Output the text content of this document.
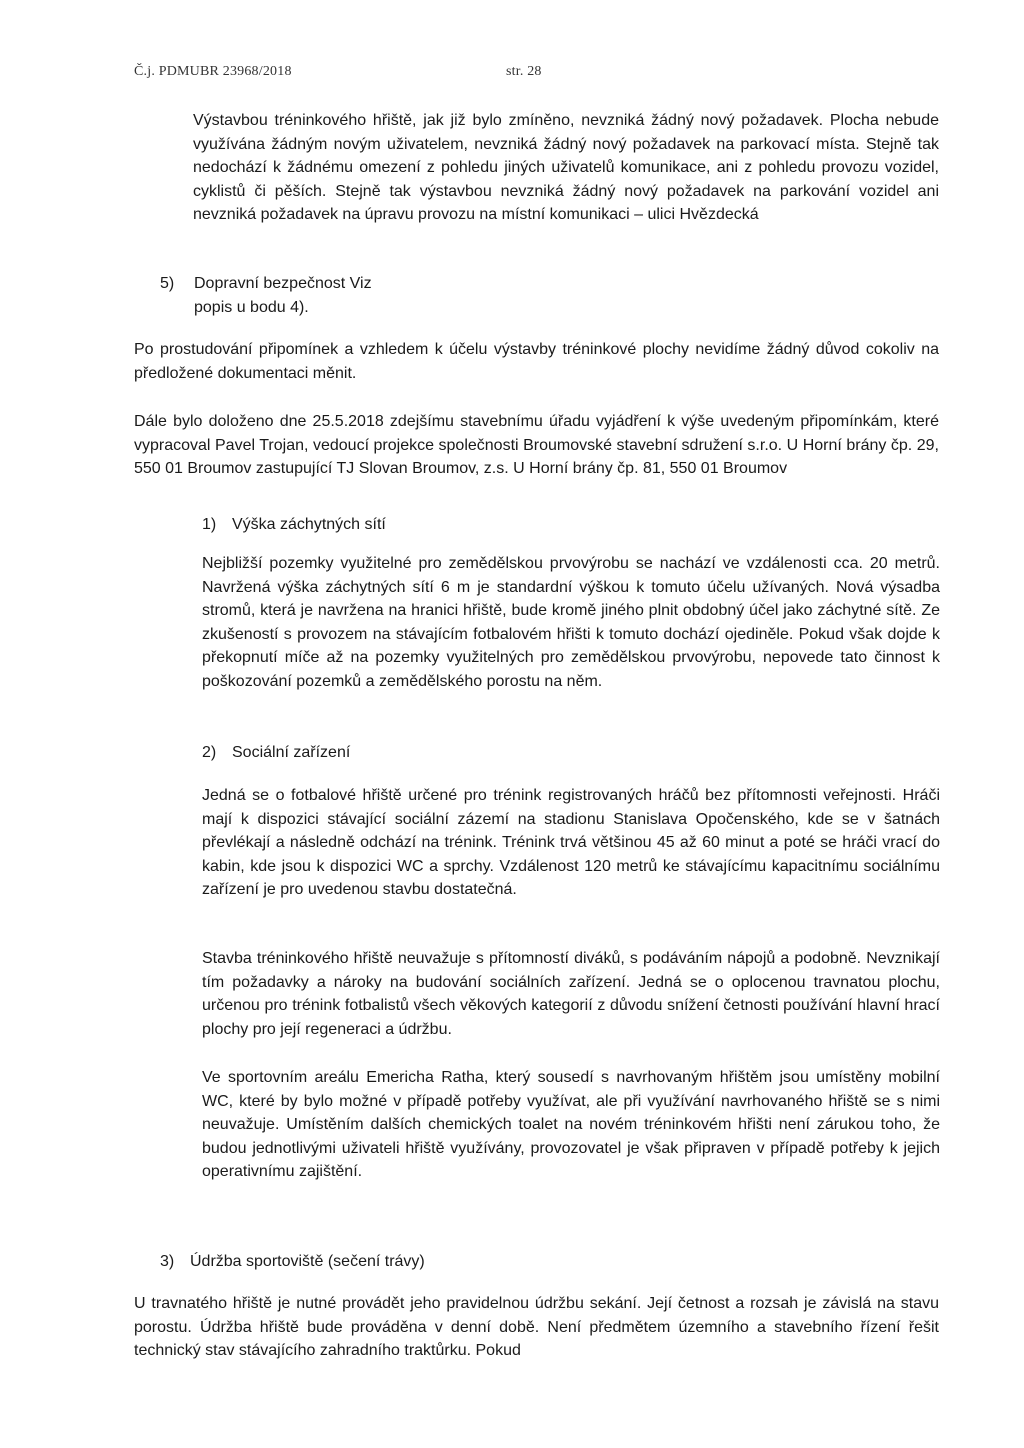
Č.j. PDMUBR 23968/2018	str. 28

Výstavbou tréninkového hřiště, jak již bylo zmíněno, nevzniká žádný nový požadavek. Plocha nebude využívána žádným novým uživatelem, nevzniká žádný nový požadavek na parkovací místa. Stejně tak nedochází k žádnému omezení z pohledu jiných uživatelů komunikace, ani z pohledu provozu vozidel, cyklistů či pěších. Stejně tak výstavbou nevzniká žádný nový požadavek na parkování vozidel ani nevzniká požadavek na úpravu provozu na místní komunikaci – ulici Hvězdecká

5) Dopravní bezpečnost Viz
popis u bodu 4).

Po prostudování připomínek a vzhledem k účelu výstavby tréninkové plochy nevidíme žádný důvod cokoliv na předložené dokumentaci měnit.

Dále bylo doloženo dne 25.5.2018 zdejšímu stavebnímu úřadu vyjádření k výše uvedeným připomínkám, které vypracoval Pavel Trojan, vedoucí projekce společnosti Broumovské stavební sdružení s.r.o. U Horní brány čp. 29, 550 01 Broumov zastupující TJ Slovan Broumov, z.s. U Horní brány čp. 81, 550 01 Broumov

1) Výška záchytných sítí

Nejbližší pozemky využitelné pro zemědělskou prvovýrobu se nachází ve vzdálenosti cca. 20 metrů. Navržená výška záchytných sítí 6 m je standardní výškou k tomuto účelu užívaných. Nová výsadba stromů, která je navržena na hranici hřiště, bude kromě jiného plnit obdobný účel jako záchytné sítě. Ze zkušeností s provozem na stávajícím fotbalovém hřišti k tomuto dochází ojediněle. Pokud však dojde k překopnutí míče až na pozemky využitelných pro zemědělskou prvovýrobu, nepovede tato činnost k poškozování pozemků a zemědělského porostu na něm.

2) Sociální zařízení

Jedná se o fotbalové hřiště určené pro trénink registrovaných hráčů bez přítomnosti veřejnosti. Hráči mají k dispozici stávající sociální zázemí na stadionu Stanislava Opočenského, kde se v šatnách převlékají a následně odchází na trénink. Trénink trvá většinou 45 až 60 minut a poté se hráči vrací do kabin, kde jsou k dispozici WC a sprchy. Vzdálenost 120 metrů ke stávajícímu kapacitnímu sociálnímu zařízení je pro uvedenou stavbu dostatečná.

Stavba tréninkového hřiště neuvažuje s přítomností diváků, s podáváním nápojů a podobně. Nevznikají tím požadavky a nároky na budování sociálních zařízení. Jedná se o oplocenou travnatou plochu, určenou pro trénink fotbalistů všech věkových kategorií z důvodu snížení četnosti používání hlavní hrací plochy pro její regeneraci a údržbu.

Ve sportovním areálu Emericha Ratha, který sousedí s navrhovaným hřištěm jsou umístěny mobilní WC, které by bylo možné v případě potřeby využívat, ale při využívání navrhovaného hřiště se s nimi neuvažuje. Umístěním dalších chemických toalet na novém tréninkovém hřišti není zárukou toho, že budou jednotlivými uživateli hřiště využívány, provozovatel je však připraven v případě potřeby k jejich operativnímu zajištění.

3) Údržba sportoviště (sečení trávy)

U travnatého hřiště je nutné provádět jeho pravidelnou údržbu sekání. Její četnost a rozsah je závislá na stavu porostu. Údržba hřiště bude prováděna v denní době. Není předmětem územního a stavebního řízení řešit technický stav stávajícího zahradního traktůrku. Pokud
